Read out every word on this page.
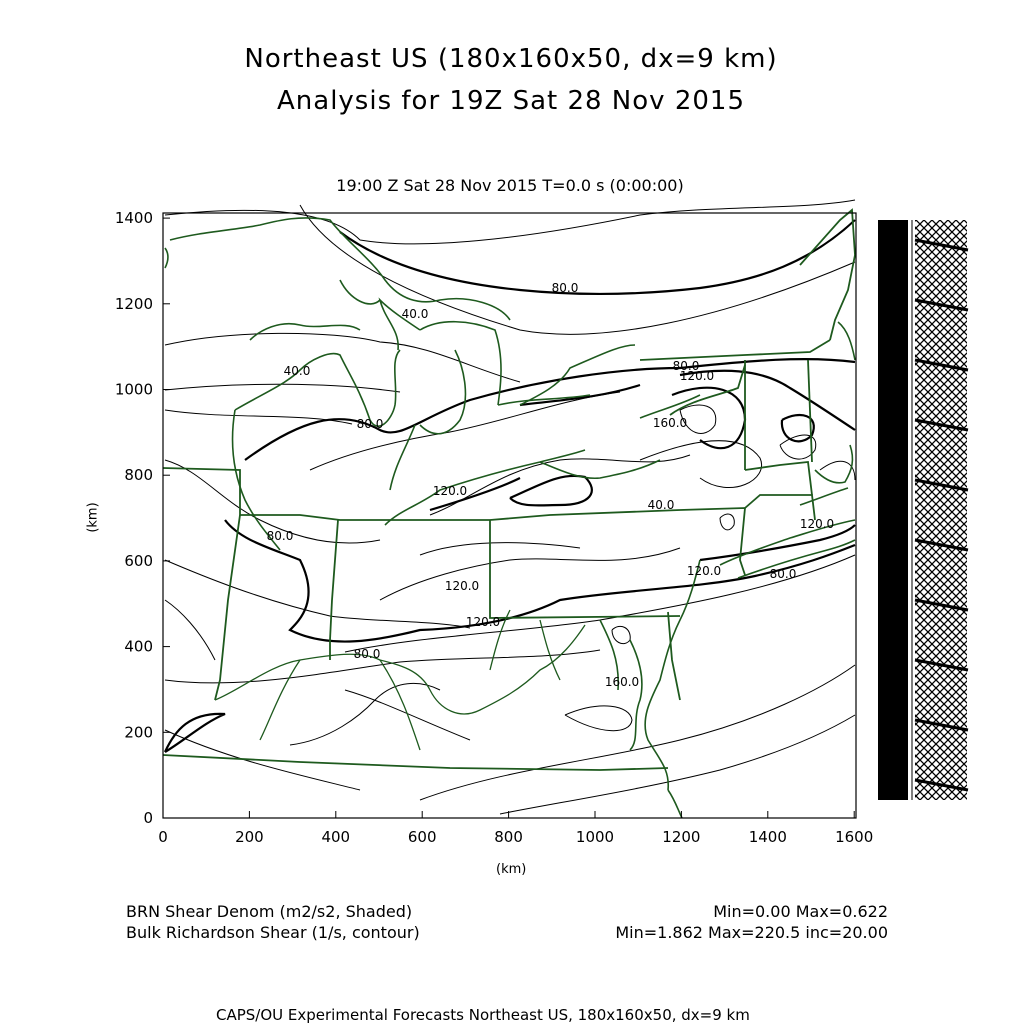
Northeast US (180x160x50, dx=9 km)
Analysis for 19Z Sat 28 Nov 2015
19:00 Z Sat 28 Nov 2015 T=0.0 s (0:00:00)
0	200	400	600	800	1000	1200	1400	1600
0
200
400
600
800
1000
1200
1400
80.0
40.0
80.0
120.0
160.0
40.0
80.0
120.0
80.0
120.0
120.0
80.0
40.0
120.0	80.0
120.0
160.0
(km)
(km)
BRN Shear Denom (m2/s2, Shaded)	Min=0.00 Max=0.622
Bulk Richardson Shear (1/s, contour)	Min=1.862 Max=220.5 inc=20.00
CAPS/OU Experimental Forecasts Northeast US, 180x160x50, dx=9 km
